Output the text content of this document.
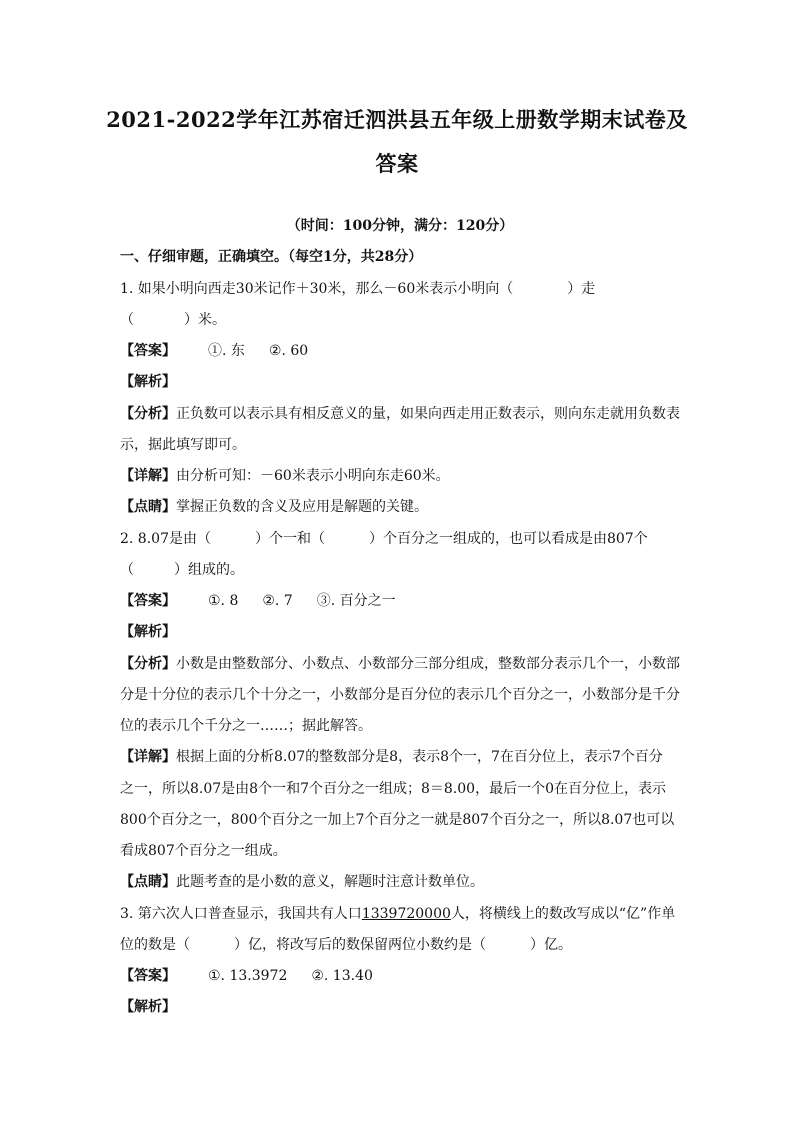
2021-2022学年江苏宿迁泗洪县五年级上册数学期末试卷及
答案
（时间：100分钟，满分：120分）
一、仔细审题，正确填空。（每空1分，共28分）
1. 如果小明向西走30米记作＋30米，那么－60米表示小明向（	）走
（	）米。
【答案】 ①. 东 ②. 60
【解析】
【分析】正负数可以表示具有相反意义的量，如果向西走用正数表示，则向东走就用负数表
示，据此填写即可。
【详解】由分析可知：－60米表示小明向东走60米。
【点睛】掌握正负数的含义及应用是解题的关键。
2. 8.07是由（	）个一和（	）个百分之一组成的，也可以看成是由807个
（	）组成的。
【答案】 ①. 8 ②. 7 ③. 百分之一
【解析】
【分析】小数是由整数部分、小数点、小数部分三部分组成，整数部分表示几个一，小数部
分是十分位的表示几个十分之一，小数部分是百分位的表示几个百分之一，小数部分是千分
位的表示几个千分之一……；据此解答。
【详解】根据上面的分析8.07的整数部分是8，表示8个一，7在百分位上，表示7个百分
之一，所以8.07是由8个一和7个百分之一组成；8＝8.00，最后一个0在百分位上，表示
800个百分之一，800个百分之一加上7个百分之一就是807个百分之一，所以8.07也可以
看成807个百分之一组成。
【点睛】此题考查的是小数的意义，解题时注意计数单位。
3. 第六次人口普查显示，我国共有人口1339720000人，将横线上的数改写成以“亿”作单
位的数是（	）亿，将改写后的数保留两位小数约是（	）亿。
【答案】 ①. 13.3972 ②. 13.40
【解析】
